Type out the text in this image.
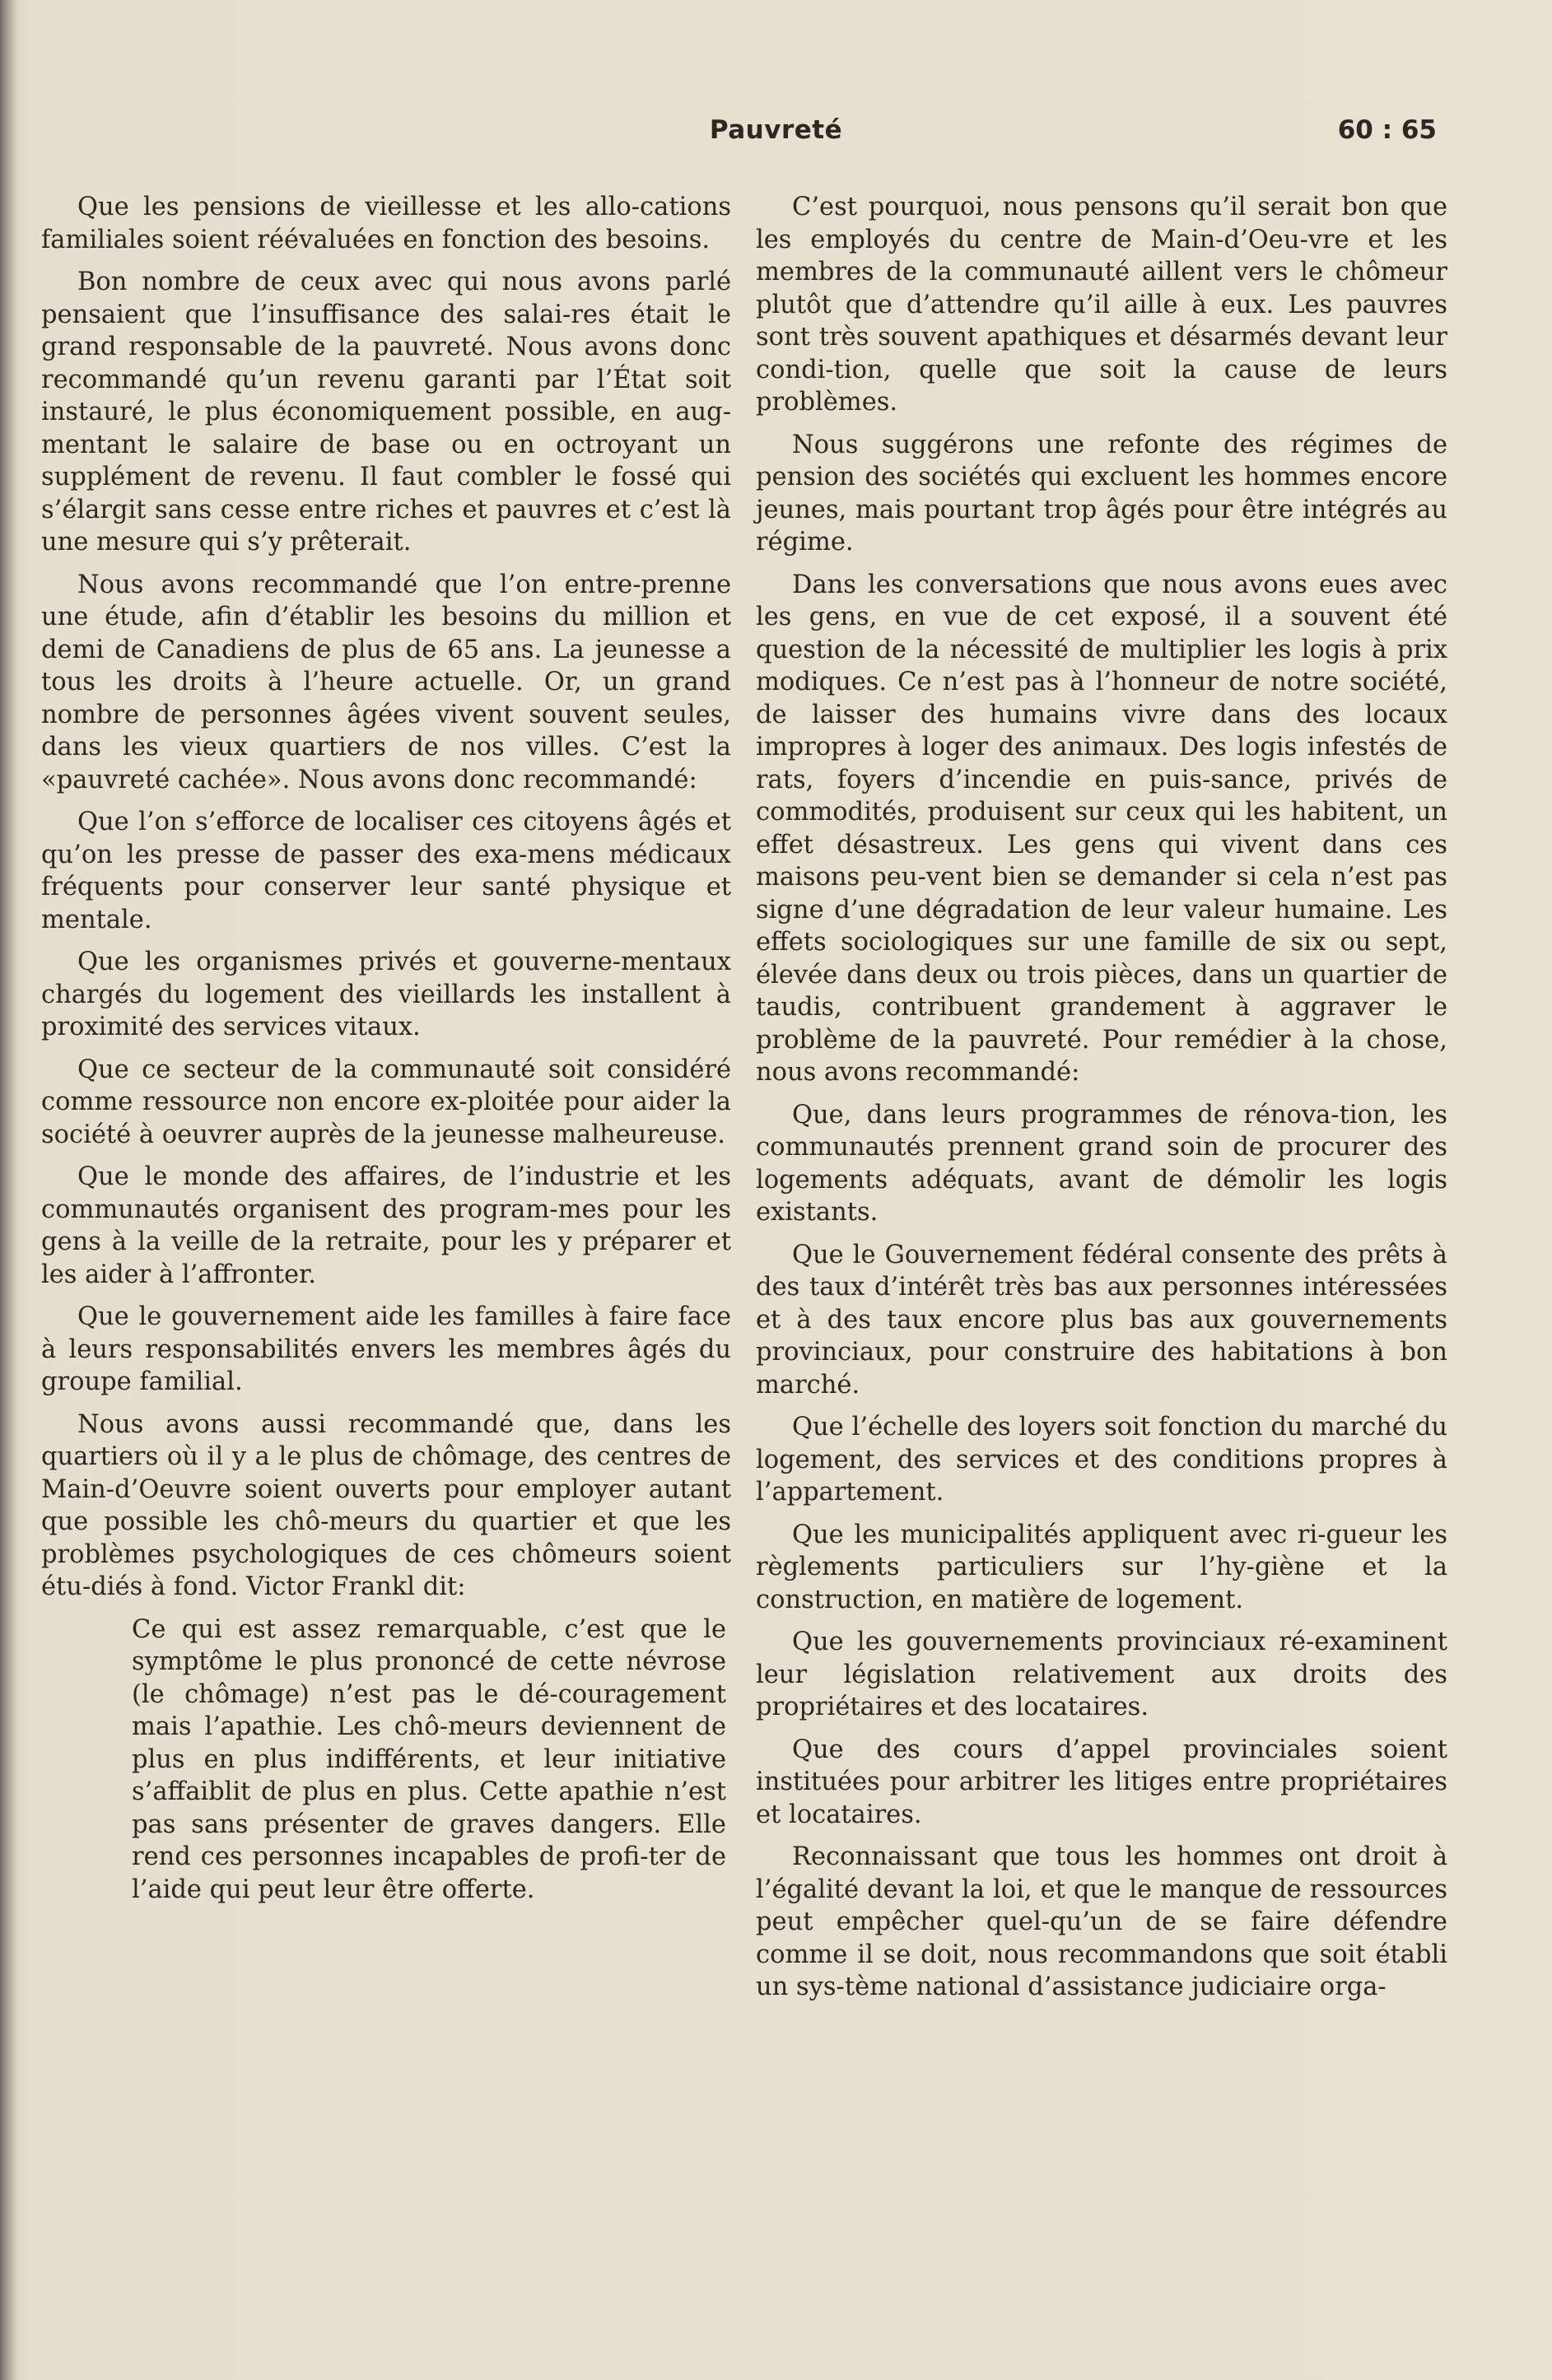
Pauvreté	60 : 65

Que les pensions de vieillesse et les allo-cations familiales soient réévaluées en fonction des besoins.

Bon nombre de ceux avec qui nous avons parlé pensaient que l’insuffisance des salai-res était le grand responsable de la pauvreté. Nous avons donc recommandé qu’un revenu garanti par l’État soit instauré, le plus économiquement possible, en aug-mentant le salaire de base ou en octroyant un supplément de revenu. Il faut combler le fossé qui s’élargit sans cesse entre riches et pauvres et c’est là une mesure qui s’y prêterait.

Nous avons recommandé que l’on entre-prenne une étude, afin d’établir les besoins du million et demi de Canadiens de plus de 65 ans. La jeunesse a tous les droits à l’heure actuelle. Or, un grand nombre de personnes âgées vivent souvent seules, dans les vieux quartiers de nos villes. C’est la «pauvreté cachée». Nous avons donc recommandé:

Que l’on s’efforce de localiser ces citoyens âgés et qu’on les presse de passer des exa-mens médicaux fréquents pour conserver leur santé physique et mentale.

Que les organismes privés et gouverne-mentaux chargés du logement des vieillards les installent à proximité des services vitaux.

Que ce secteur de la communauté soit considéré comme ressource non encore ex-ploitée pour aider la société à oeuvrer auprès de la jeunesse malheureuse.

Que le monde des affaires, de l’industrie et les communautés organisent des program-mes pour les gens à la veille de la retraite, pour les y préparer et les aider à l’affronter.

Que le gouvernement aide les familles à faire face à leurs responsabilités envers les membres âgés du groupe familial.

Nous avons aussi recommandé que, dans les quartiers où il y a le plus de chômage, des centres de Main-d’Oeuvre soient ouverts pour employer autant que possible les chô-meurs du quartier et que les problèmes psychologiques de ces chômeurs soient étu-diés à fond. Victor Frankl dit:

Ce qui est assez remarquable, c’est que le symptôme le plus prononcé de cette névrose (le chômage) n’est pas le dé-couragement mais l’apathie. Les chô-meurs deviennent de plus en plus indifférents, et leur initiative s’affaiblit de plus en plus. Cette apathie n’est pas sans présenter de graves dangers. Elle rend ces personnes incapables de profi-ter de l’aide qui peut leur être offerte.

C’est pourquoi, nous pensons qu’il serait bon que les employés du centre de Main-d’Oeu-vre et les membres de la communauté aillent vers le chômeur plutôt que d’attendre qu’il aille à eux. Les pauvres sont très souvent apathiques et désarmés devant leur condi-tion, quelle que soit la cause de leurs problèmes.

Nous suggérons une refonte des régimes de pension des sociétés qui excluent les hommes encore jeunes, mais pourtant trop âgés pour être intégrés au régime.

Dans les conversations que nous avons eues avec les gens, en vue de cet exposé, il a souvent été question de la nécessité de multiplier les logis à prix modiques. Ce n’est pas à l’honneur de notre société, de laisser des humains vivre dans des locaux impropres à loger des animaux. Des logis infestés de rats, foyers d’incendie en puis-sance, privés de commodités, produisent sur ceux qui les habitent, un effet désastreux. Les gens qui vivent dans ces maisons peu-vent bien se demander si cela n’est pas signe d’une dégradation de leur valeur humaine. Les effets sociologiques sur une famille de six ou sept, élevée dans deux ou trois pièces, dans un quartier de taudis, contribuent grandement à aggraver le problème de la pauvreté. Pour remédier à la chose, nous avons recommandé:

Que, dans leurs programmes de rénova-tion, les communautés prennent grand soin de procurer des logements adéquats, avant de démolir les logis existants.

Que le Gouvernement fédéral consente des prêts à des taux d’intérêt très bas aux personnes intéressées et à des taux encore plus bas aux gouvernements provinciaux, pour construire des habitations à bon marché.

Que l’échelle des loyers soit fonction du marché du logement, des services et des conditions propres à l’appartement.

Que les municipalités appliquent avec ri-gueur les règlements particuliers sur l’hy-giène et la construction, en matière de logement.

Que les gouvernements provinciaux ré-examinent leur législation relativement aux droits des propriétaires et des locataires.

Que des cours d’appel provinciales soient instituées pour arbitrer les litiges entre propriétaires et locataires.

Reconnaissant que tous les hommes ont droit à l’égalité devant la loi, et que le manque de ressources peut empêcher quel-qu’un de se faire défendre comme il se doit, nous recommandons que soit établi un sys-tème national d’assistance judiciaire orga-
